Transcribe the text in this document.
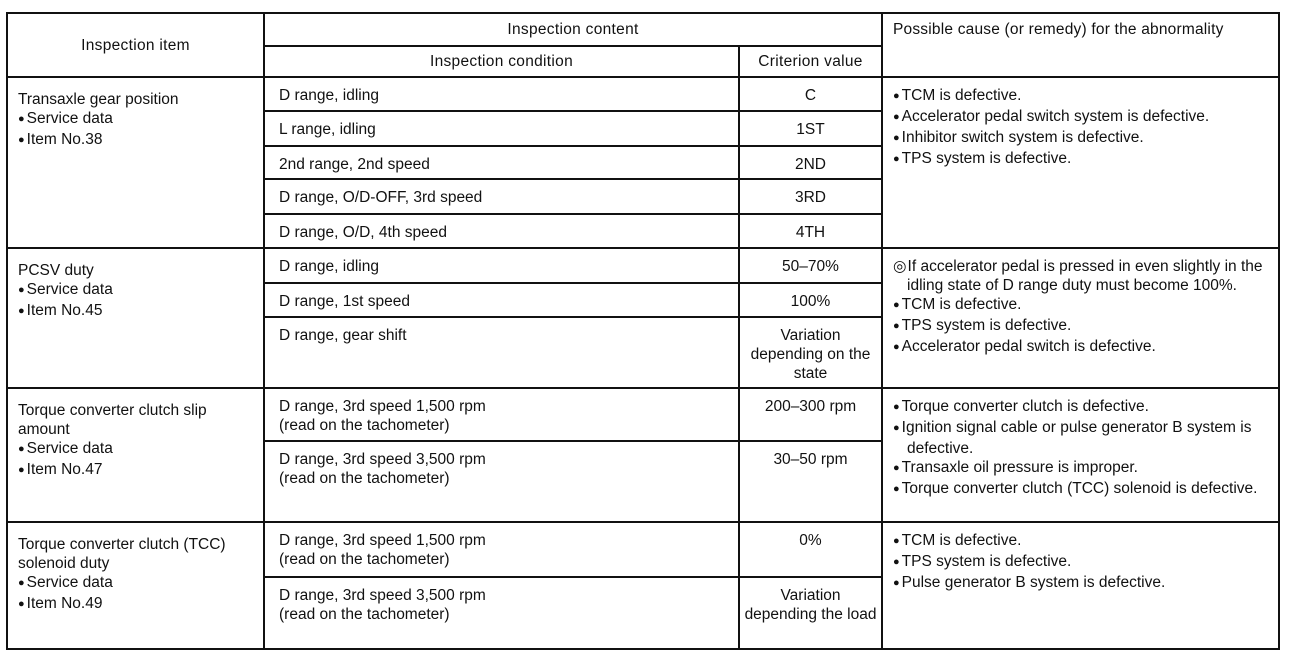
Inspection item	Inspection content		Possible cause (or remedy) for the abnormality
	Inspection condition	Criterion value	

Transaxle gear position
● Service data
● Item No.38	D range, idling	C	● TCM is defective.
● Accelerator pedal switch system is defective.
● Inhibitor switch system is defective.
● TPS system is defective.

	L range, idling	1ST	
	2nd range, 2nd speed	2ND	
	D range, O/D-OFF, 3rd speed	3RD	
	D range, O/D, 4th speed	4TH	

PCSV duty
● Service data
● Item No.45	D range, idling	50–70%	◎ If accelerator pedal is pressed in even slightly in the idling state of D range duty must become 100%.
● TCM is defective.
● TPS system is defective.
● Accelerator pedal switch is defective.

	D range, 1st speed	100%	
	D range, gear shift	Variation depending on the state	

Torque converter clutch slip amount
● Service data
● Item No.47	D range, 3rd speed 1,500 rpm
(read on the tachometer)	200–300 rpm	● Torque converter clutch is defective.
● Ignition signal cable or pulse generator B system is defective.
● Transaxle oil pressure is improper.
● Torque converter clutch (TCC) solenoid is defective.

	D range, 3rd speed 3,500 rpm
(read on the tachometer)	30–50 rpm	

Torque converter clutch (TCC) solenoid duty
● Service data
● Item No.49	D range, 3rd speed 1,500 rpm
(read on the tachometer)	0%	● TCM is defective.
● TPS system is defective.
● Pulse generator B system is defective.

	D range, 3rd speed 3,500 rpm
(read on the tachometer)	Variation depending the load	
